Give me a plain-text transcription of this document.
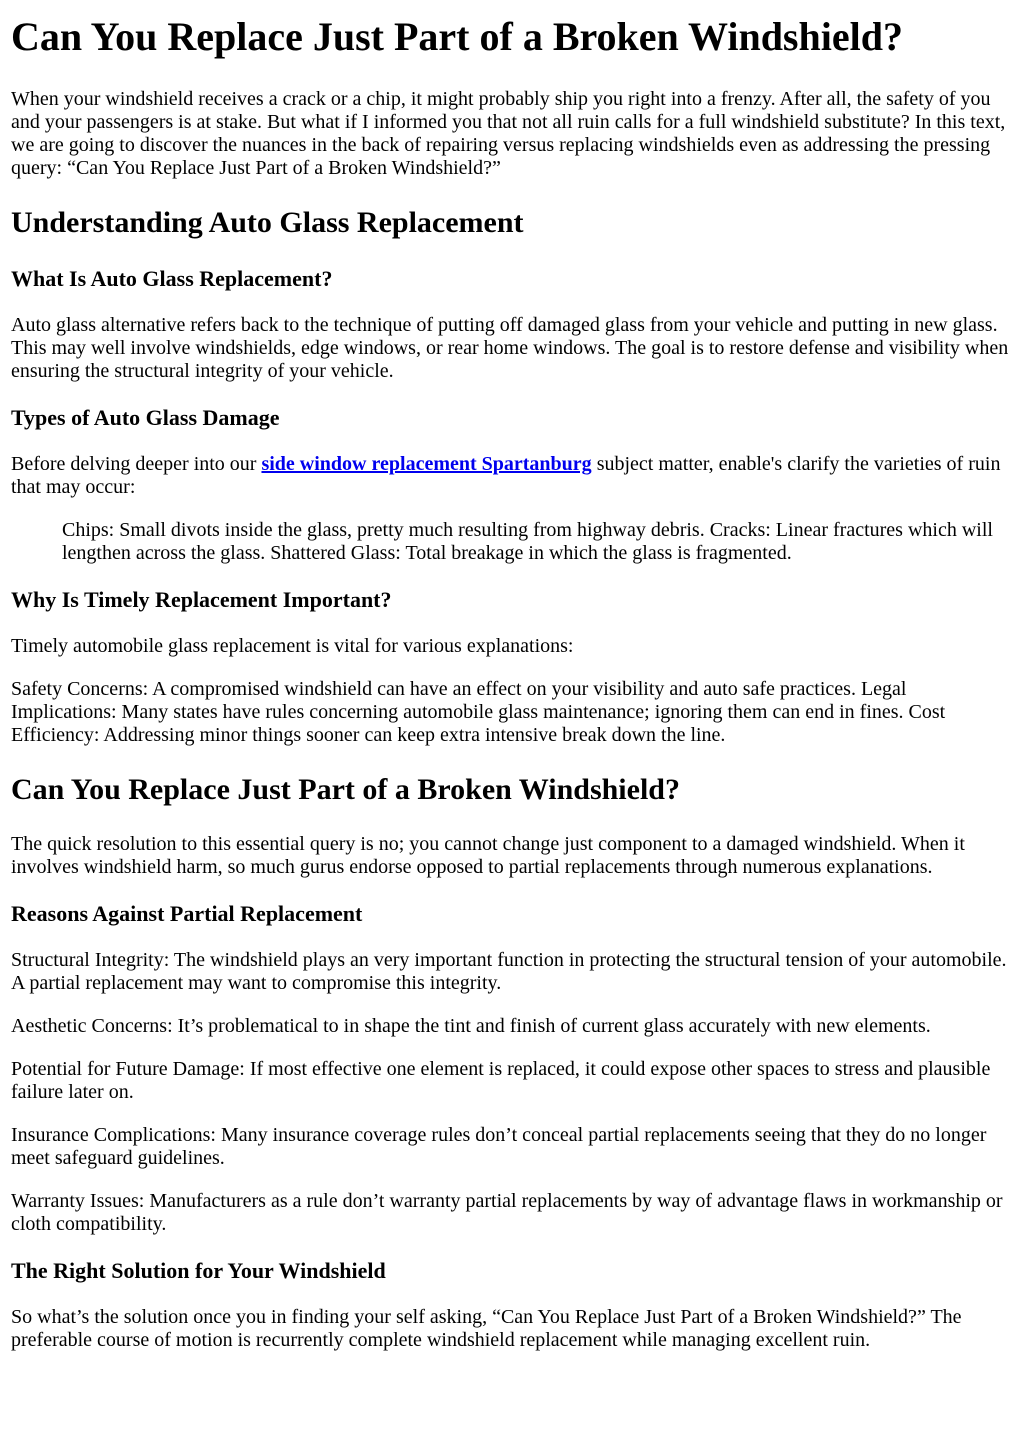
Can You Replace Just Part of a Broken Windshield?

When your windshield receives a crack or a chip, it might probably ship you right into a frenzy. After all, the safety of you and your passengers is at stake. But what if I informed you that not all ruin calls for a full windshield substitute? In this text, we are going to discover the nuances in the back of repairing versus replacing windshields even as addressing the pressing query: “Can You Replace Just Part of a Broken Windshield?”

Understanding Auto Glass Replacement
What Is Auto Glass Replacement?

Auto glass alternative refers back to the technique of putting off damaged glass from your vehicle and putting in new glass. This may well involve windshields, edge windows, or rear home windows. The goal is to restore defense and visibility when ensuring the structural integrity of your vehicle.

Types of Auto Glass Damage

Before delving deeper into our side window replacement Spartanburg subject matter, enable's clarify the varieties of ruin that may occur:

Chips: Small divots inside the glass, pretty much resulting from highway debris. Cracks: Linear fractures which will lengthen across the glass. Shattered Glass: Total breakage in which the glass is fragmented.
Why Is Timely Replacement Important?

Timely automobile glass replacement is vital for various explanations:

Safety Concerns: A compromised windshield can have an effect on your visibility and auto safe practices. Legal Implications: Many states have rules concerning automobile glass maintenance; ignoring them can end in fines. Cost Efficiency: Addressing minor things sooner can keep extra intensive break down the line.

Can You Replace Just Part of a Broken Windshield?

The quick resolution to this essential query is no; you cannot change just component to a damaged windshield. When it involves windshield harm, so much gurus endorse opposed to partial replacements through numerous explanations.

Reasons Against Partial Replacement

Structural Integrity: The windshield plays an very important function in protecting the structural tension of your automobile. A partial replacement may want to compromise this integrity.

Aesthetic Concerns: It’s problematical to in shape the tint and finish of current glass accurately with new elements.

Potential for Future Damage: If most effective one element is replaced, it could expose other spaces to stress and plausible failure later on.

Insurance Complications: Many insurance coverage rules don’t conceal partial replacements seeing that they do no longer meet safeguard guidelines.

Warranty Issues: Manufacturers as a rule don’t warranty partial replacements by way of advantage flaws in workmanship or cloth compatibility.

The Right Solution for Your Windshield

So what’s the solution once you in finding your self asking, “Can You Replace Just Part of a Broken Windshield?” The preferable course of motion is recurrently complete windshield replacement while managing excellent ruin.
